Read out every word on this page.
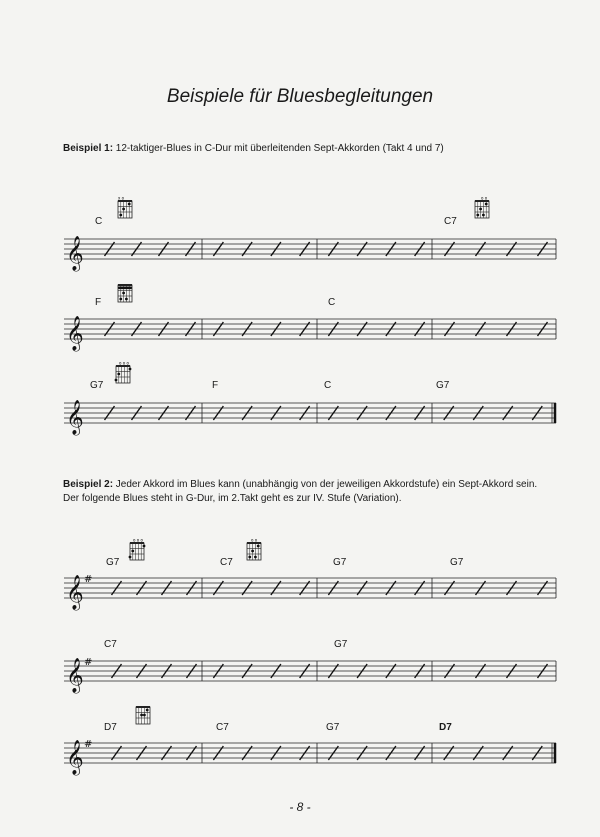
Beispiele für Bluesbegleitungen
Beispiel 1: 12-taktiger-Blues in C-Dur mit überleitenden Sept-Akkorden (Takt 4 und 7)
C	C7
F	C
G7	F	C	G7
x o	o o
o o o
Beispiel 2: Jeder Akkord im Blues kann (unabhängig von der jeweiligen Akkordstufe) ein Sept-Akkord sein.
Der folgende Blues steht in G-Dur, im 2.Takt geht es zur IV. Stufe (Variation).
G7	C7	G7	G7
C7	G7
D7	C7	G7	D7
o o o	o o
𝄞
𝄞
𝄞
𝄞 #
𝄞 #
𝄞 #
- 8 -
